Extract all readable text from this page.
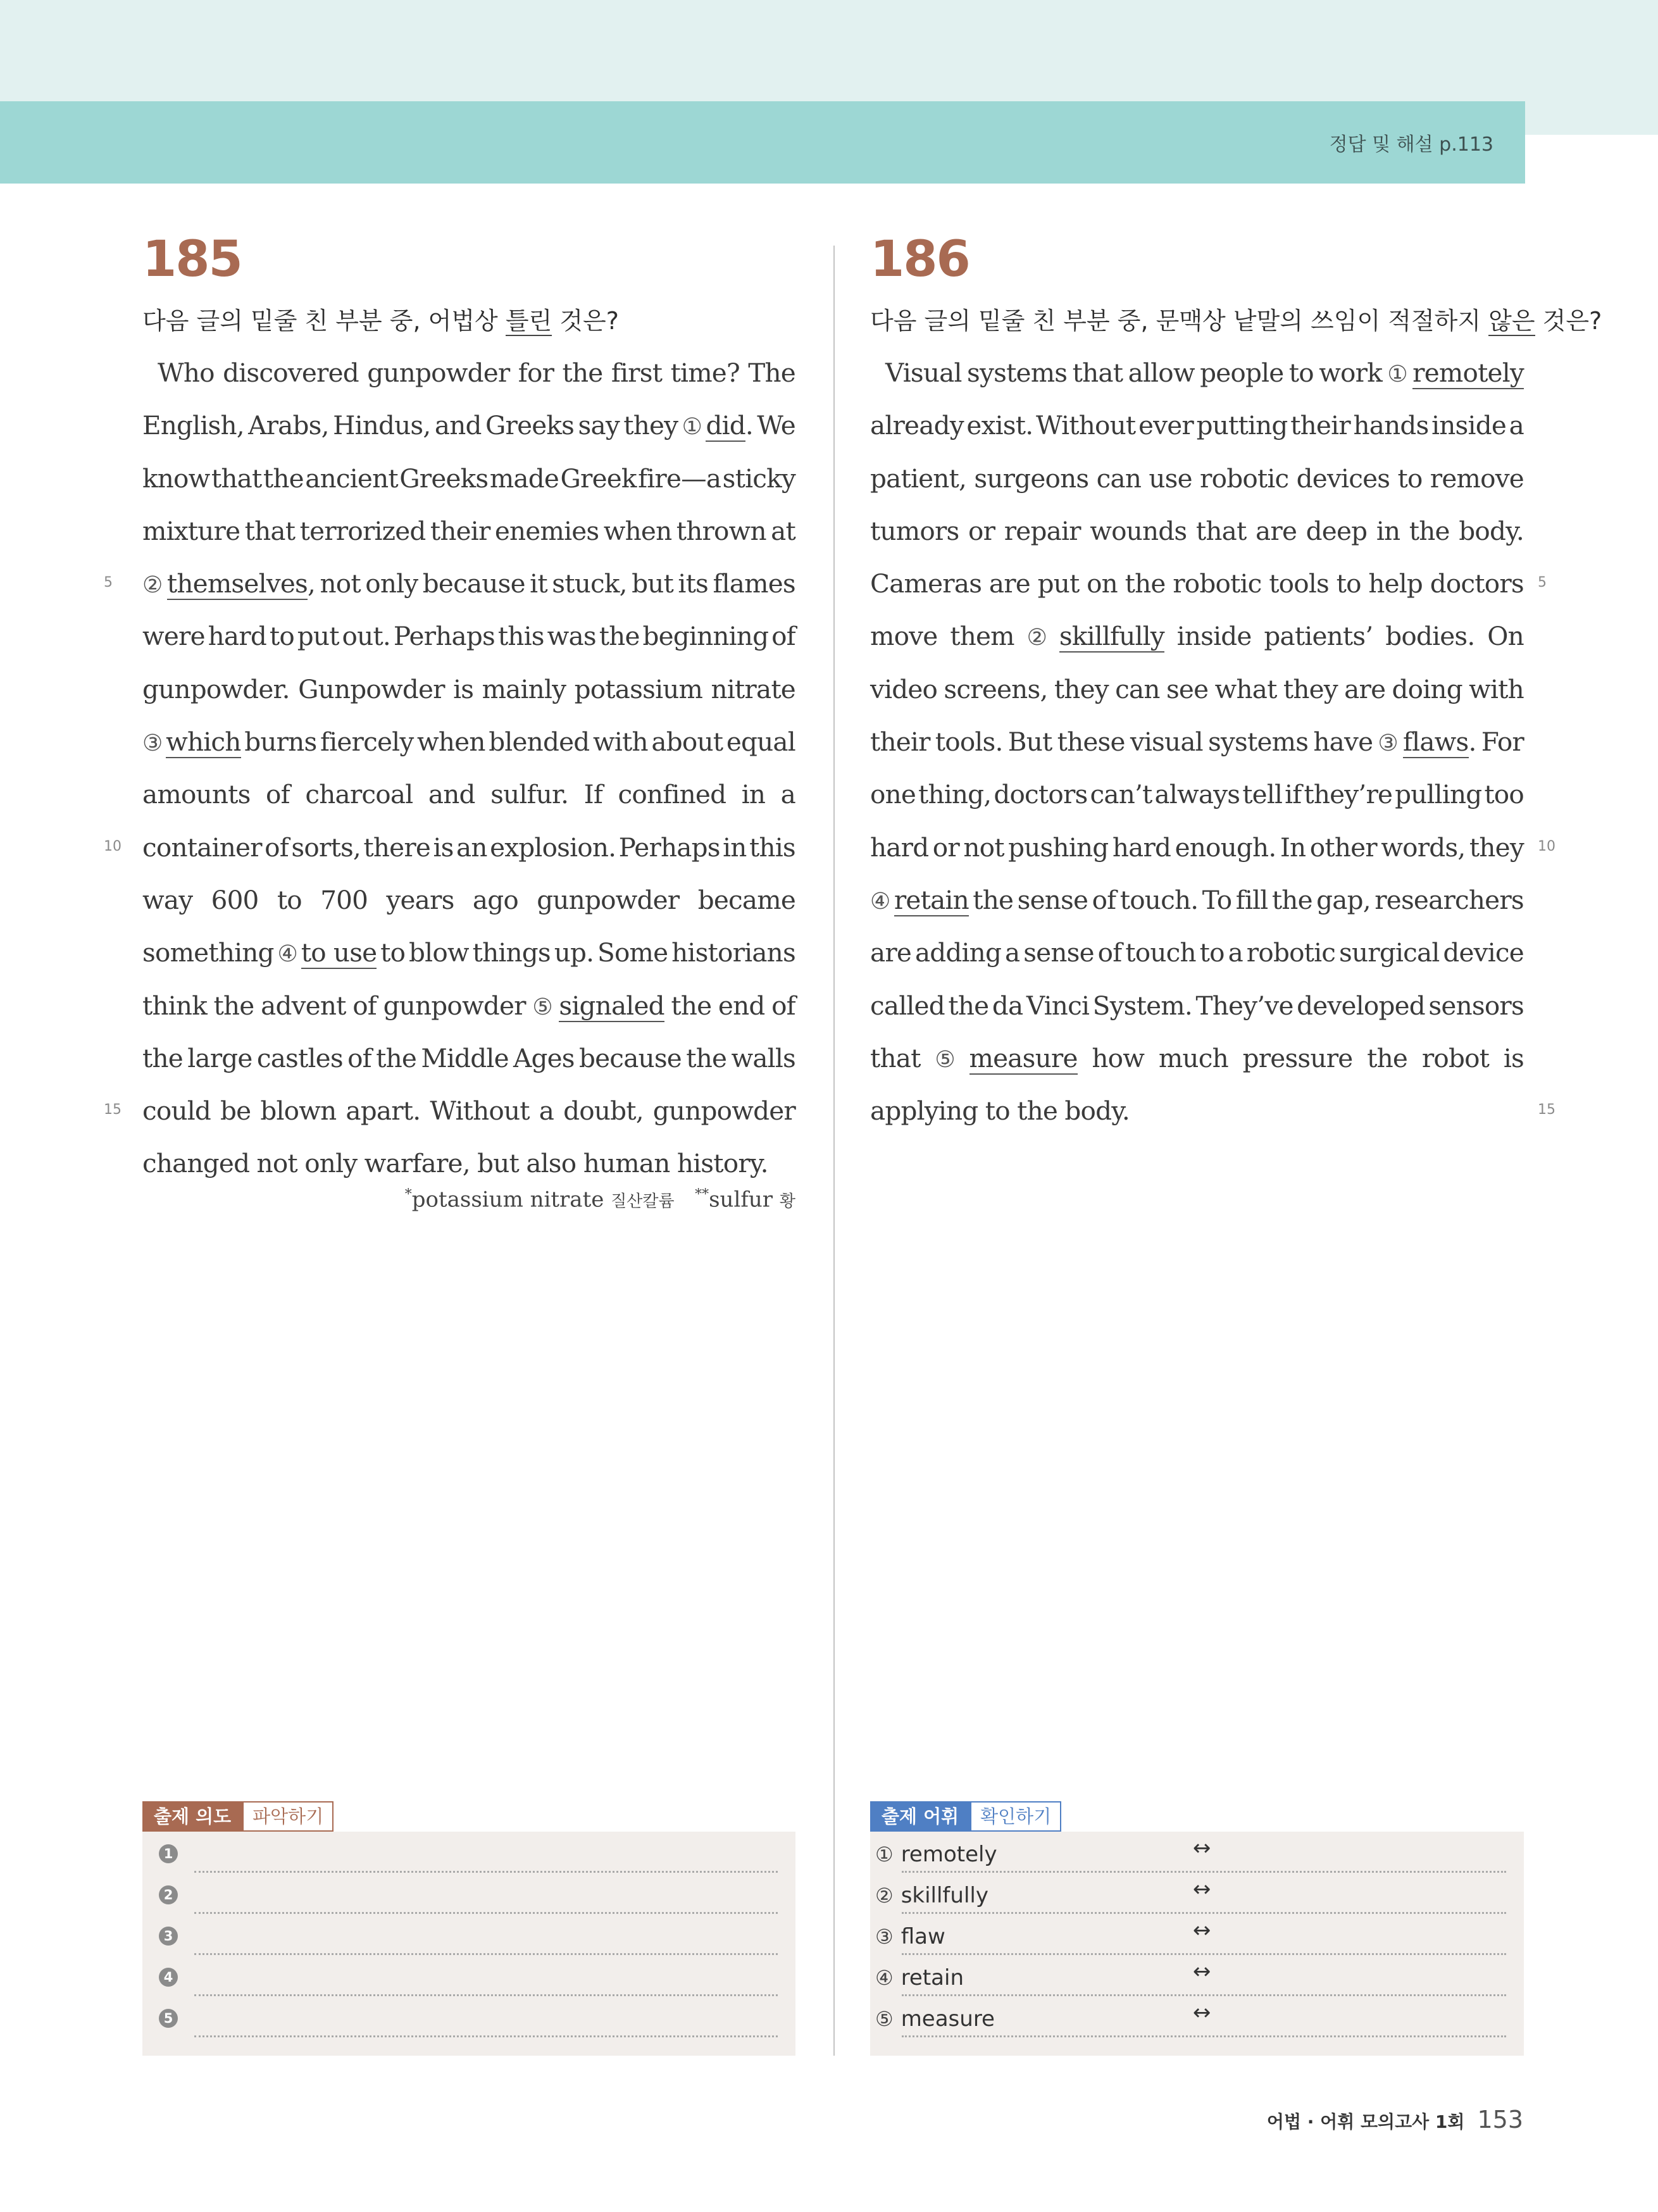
정답 및 해설 p.113
185
다음 글의 밑줄 친 부분 중, 어법상 틀린 것은?
Who discovered gunpowder for the first time? The
English, Arabs, Hindus, and Greeks say they ① did. We
know that the ancient Greeks made Greek fire—a sticky
mixture that terrorized their enemies when thrown at
② themselves, not only because it stuck, but its flames
were hard to put out. Perhaps this was the beginning of
gunpowder. Gunpowder is mainly potassium nitrate
③ which burns fiercely when blended with about equal
amounts of charcoal and sulfur. If confined in a
container of sorts, there is an explosion. Perhaps in this
way 600 to 700 years ago gunpowder became
something ④ to use to blow things up. Some historians
think the advent of gunpowder ⑤ signaled the end of
the large castles of the Middle Ages because the walls
could be blown apart. Without a doubt, gunpowder
changed not only warfare, but also human history.
*potassium nitrate 질산칼륨 **sulfur 황
5
10
15
186
다음 글의 밑줄 친 부분 중, 문맥상 낱말의 쓰임이 적절하지 않은 것은?
Visual systems that allow people to work ① remotely
already exist. Without ever putting their hands inside a
patient, surgeons can use robotic devices to remove
tumors or repair wounds that are deep in the body.
Cameras are put on the robotic tools to help doctors
move them ② skillfully inside patients’ bodies. On
video screens, they can see what they are doing with
their tools. But these visual systems have ③ flaws. For
one thing, doctors can’t always tell if they’re pulling too
hard or not pushing hard enough. In other words, they
④ retain the sense of touch. To fill the gap, researchers
are adding a sense of touch to a robotic surgical device
called the da Vinci System. They’ve developed sensors
that ⑤ measure how much pressure the robot is
applying to the body.
5
10
15
출제 의도	파악하기
1
2
3
4
5
출제 어휘	확인하기
① remotely	↔
② skillfully	↔
③ flaw	↔
④ retain	↔
⑤ measure	↔
어법 · 어휘 모의고사 1회 153
